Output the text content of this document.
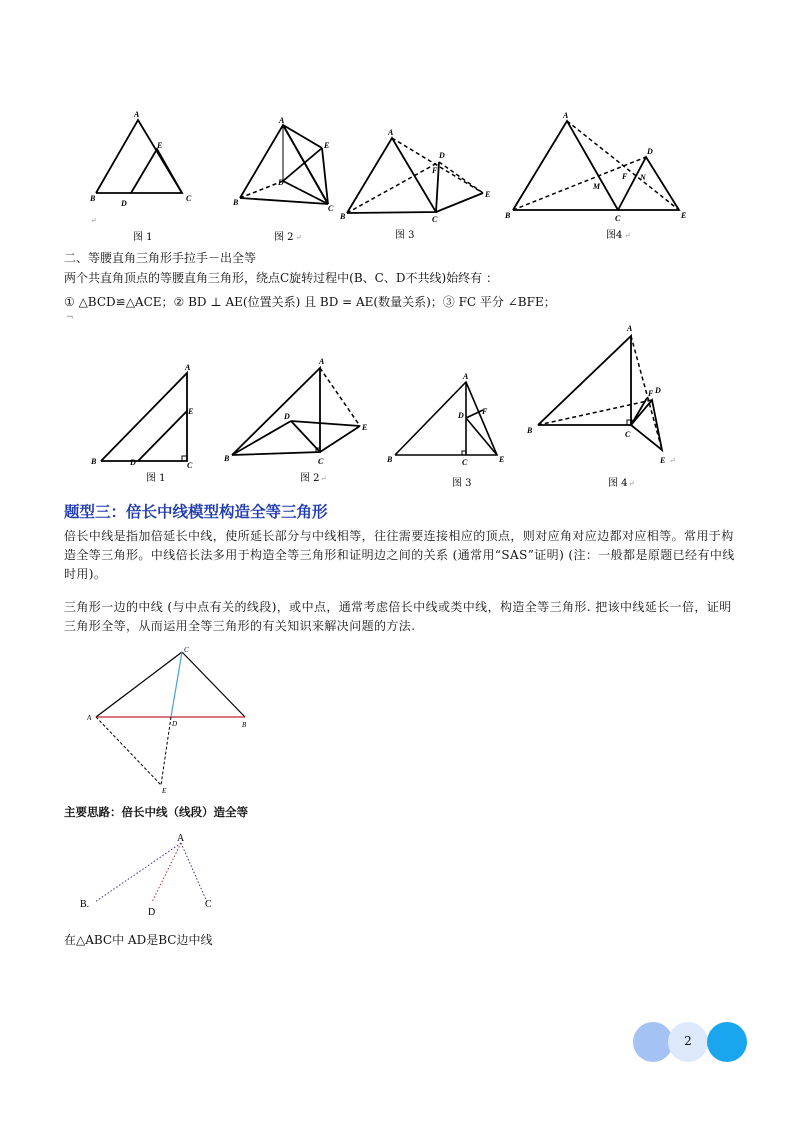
A
E
B
D
C
↵
图 1
A
E
D
B
C
图 2 ↵
A
D
F
B	C
E
图 3
A
D
F N
M
B	C	E
图4 ↵
二、等腰直角三角形手拉手－出全等
两个共直角顶点的等腰直角三角形，绕点C旋转过程中(B、C、D不共线)始终有 ：
① △BCD≌△ACE；② BD ⊥ AE(位置关系) 且 BD = AE(数量关系)；③ FC 平分 ∠BFE；
¬
A
E
B	D	C
图 1
A
D
E
B	C
图 2 ↵
A
D F
B	C	E
图 3
A
F D
B	C
E ↵
图 4 ↵
题型三：倍长中线模型构造全等三角形
倍长中线是指加倍延长中线，使所延长部分与中线相等，往往需要连接相应的顶点，则对应角对应边都对应相等。常用于构造全等三角形。中线倍长法多用于构造全等三角形和证明边之间的关系 (通常用“SAS”证明) (注：一般都是原题已经有中线时用)。
三角形一边的中线 (与中点有关的线段)，或中点，通常考虑倍长中线或类中线，构造全等三角形. 把该中线延长一倍，证明三角形全等，从而运用全等三角形的有关知识来解决问题的方法.
C
A
D	B
E
主要思路：倍长中线（线段）造全等
A
B.
D
C
在△ABC中 AD是BC边中线
2
